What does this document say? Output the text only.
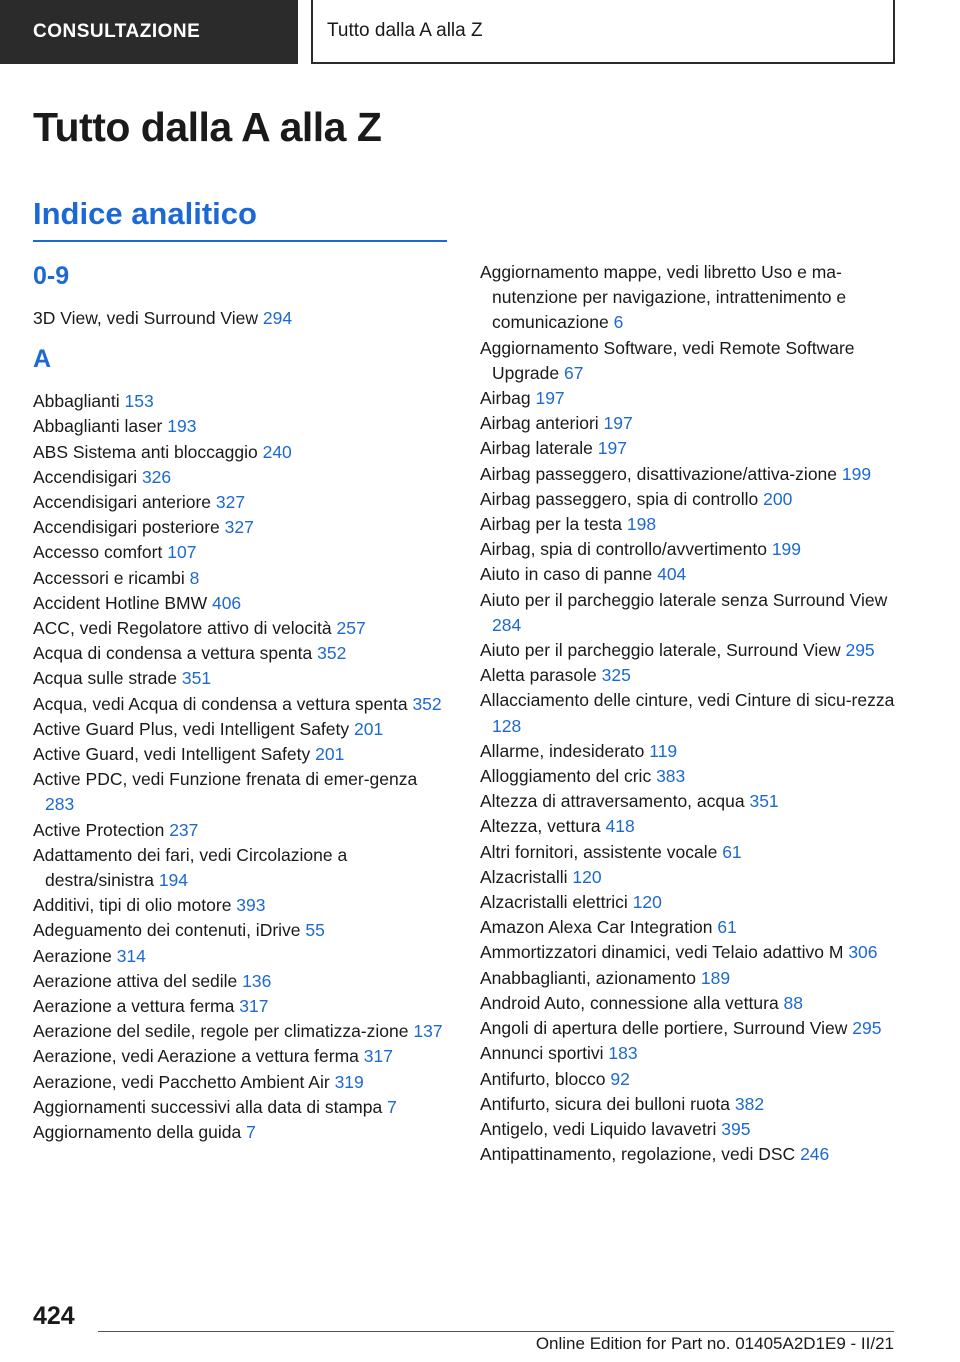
CONSULTAZIONE	Tutto dalla A alla Z
Tutto dalla A alla Z
Indice analitico
0-9
3D View, vedi Surround View 294
A
Abbaglianti 153
Abbaglianti laser 193
ABS Sistema anti bloccaggio 240
Accendisigari 326
Accendisigari anteriore 327
Accendisigari posteriore 327
Accesso comfort 107
Accessori e ricambi 8
Accident Hotline BMW 406
ACC, vedi Regolatore attivo di velocità 257
Acqua di condensa a vettura spenta 352
Acqua sulle strade 351
Acqua, vedi Acqua di condensa a vettura spenta 352
Active Guard Plus, vedi Intelligent Safety 201
Active Guard, vedi Intelligent Safety 201
Active PDC, vedi Funzione frenata di emer-genza 283
Active Protection 237
Adattamento dei fari, vedi Circolazione a destra/sinistra 194
Additivi, tipi di olio motore 393
Adeguamento dei contenuti, iDrive 55
Aerazione 314
Aerazione attiva del sedile 136
Aerazione a vettura ferma 317
Aerazione del sedile, regole per climatizza-zione 137
Aerazione, vedi Aerazione a vettura ferma 317
Aerazione, vedi Pacchetto Ambient Air 319
Aggiornamenti successivi alla data di stampa 7
Aggiornamento della guida 7
Aggiornamento mappe, vedi libretto Uso e ma-nutenzione per navigazione, intrattenimento e comunicazione 6
Aggiornamento Software, vedi Remote Software Upgrade 67
Airbag 197
Airbag anteriori 197
Airbag laterale 197
Airbag passeggero, disattivazione/attiva-zione 199
Airbag passeggero, spia di controllo 200
Airbag per la testa 198
Airbag, spia di controllo/avvertimento 199
Aiuto in caso di panne 404
Aiuto per il parcheggio laterale senza Surround View 284
Aiuto per il parcheggio laterale, Surround View 295
Aletta parasole 325
Allacciamento delle cinture, vedi Cinture di sicu-rezza 128
Allarme, indesiderato 119
Alloggiamento del cric 383
Altezza di attraversamento, acqua 351
Altezza, vettura 418
Altri fornitori, assistente vocale 61
Alzacristalli 120
Alzacristalli elettrici 120
Amazon Alexa Car Integration 61
Ammortizzatori dinamici, vedi Telaio adattivo M 306
Anabbaglianti, azionamento 189
Android Auto, connessione alla vettura 88
Angoli di apertura delle portiere, Surround View 295
Annunci sportivi 183
Antifurto, blocco 92
Antifurto, sicura dei bulloni ruota 382
Antigelo, vedi Liquido lavavetri 395
Antipattinamento, regolazione, vedi DSC 246
424
Online Edition for Part no. 01405A2D1E9 - II/21
